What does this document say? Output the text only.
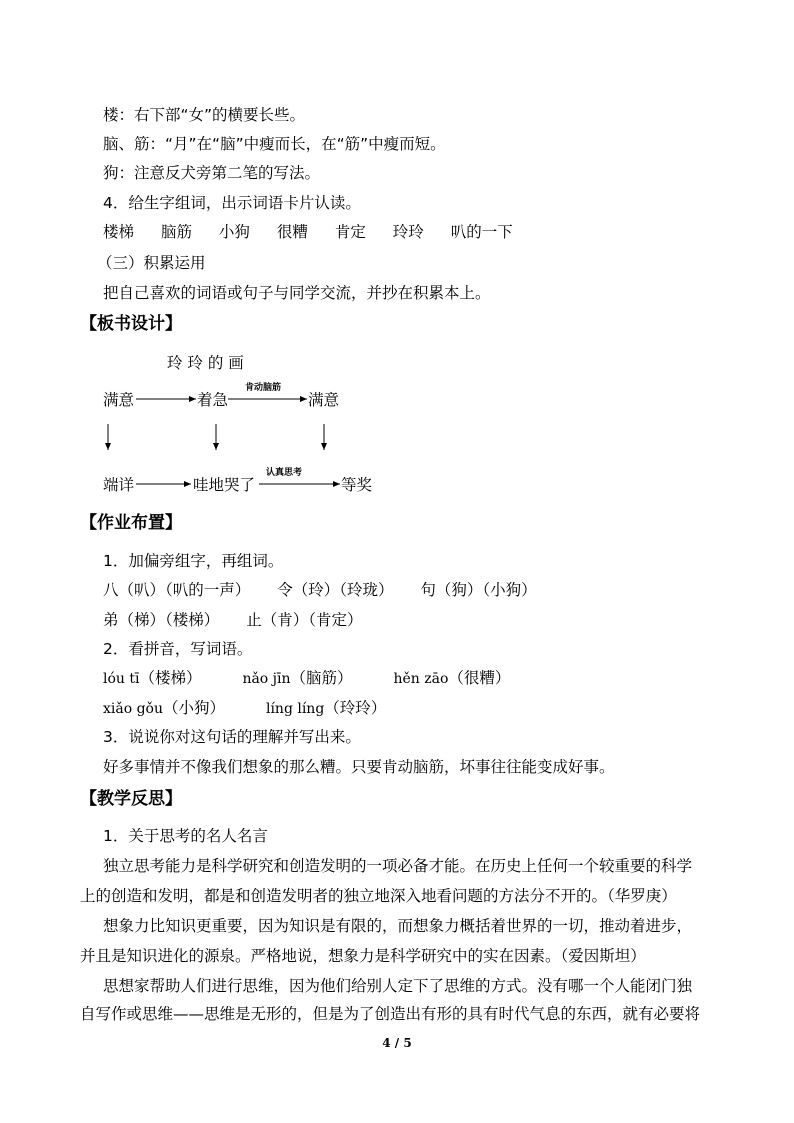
楼：右下部“女”的横要长些。
脑、筋：“月”在“脑”中瘦而长，在“筋”中瘦而短。
狗：注意反犬旁第二笔的写法。
4．给生字组词，出示词语卡片认读。
楼梯 脑筋 小狗 很糟 肯定 玲玲 叭的一下
（三）积累运用
把自己喜欢的词语或句子与同学交流，并抄在积累本上。
【板书设计】
玲 玲 的 画
满意	着急	满意
肯动脑筋
端详	哇地哭了	等奖
认真思考
【作业布置】
1．加偏旁组字，再组词。
八（叭）（叭的一声） 令（玲）（玲珑） 句（狗）（小狗）
弟（梯）（楼梯） 止（肯）（肯定）
2．看拼音，写词语。
lóu tī（楼梯）	nǎo jīn（脑筋）	hěn zāo（很糟）
xiǎo gǒu（小狗）	líng líng（玲玲）
3．说说你对这句话的理解并写出来。
好多事情并不像我们想象的那么糟。只要肯动脑筋，坏事往往能变成好事。
【教学反思】
1．关于思考的名人名言
独立思考能力是科学研究和创造发明的一项必备才能。在历史上任何一个较重要的科学
上的创造和发明，都是和创造发明者的独立地深入地看问题的方法分不开的。（华罗庚）
想象力比知识更重要，因为知识是有限的，而想象力概括着世界的一切，推动着进步，
并且是知识进化的源泉。严格地说，想象力是科学研究中的实在因素。（爱因斯坦）
思想家帮助人们进行思维，因为他们给别人定下了思维的方式。没有哪一个人能闭门独
自写作或思维——思维是无形的，但是为了创造出有形的具有时代气息的东西，就有必要将
4 / 5
